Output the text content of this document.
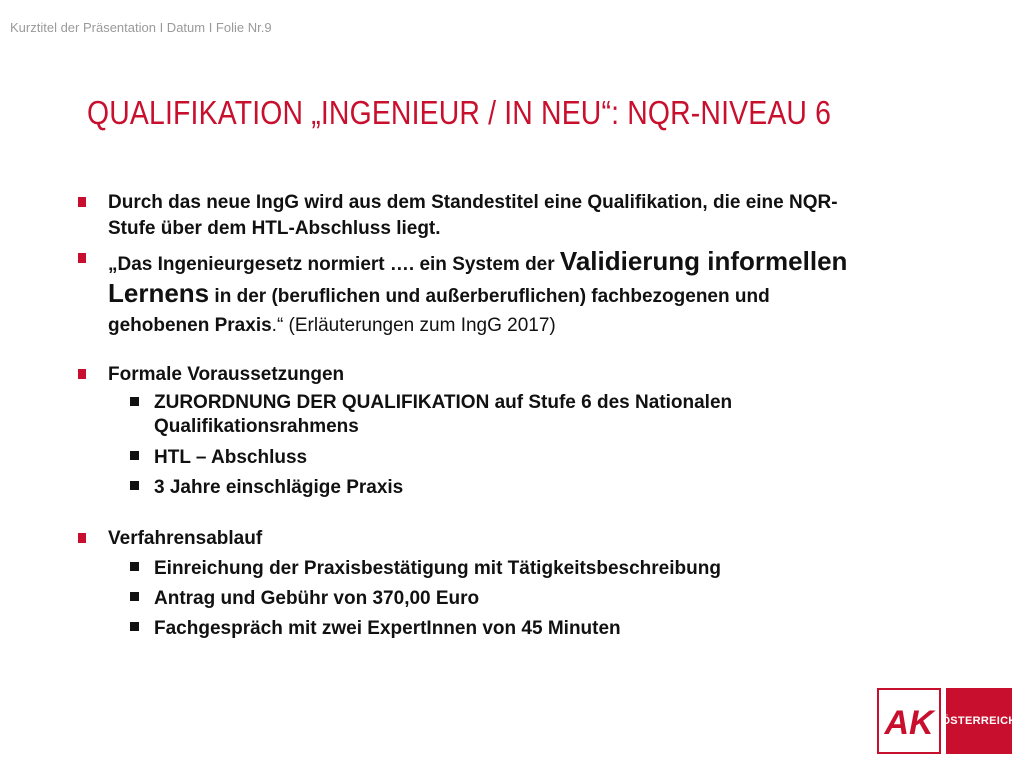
Kurztitel der Präsentation I Datum I Folie Nr.9
QUALIFIKATION „INGENIEUR / IN NEU“: NQR-NIVEAU 6
Durch das neue IngG wird aus dem Standestitel eine Qualifikation, die eine NQR-
Stufe über dem HTL-Abschluss liegt.
„Das Ingenieurgesetz normiert …. ein System der Validierung informellen
Lernens in der (beruflichen und außerberuflichen) fachbezogenen und
gehobenen Praxis.“ (Erläuterungen zum IngG 2017)
Formale Voraussetzungen
ZURORDNUNG DER QUALIFIKATION auf Stufe 6 des Nationalen
Qualifikationsrahmens
HTL – Abschluss
3 Jahre einschlägige Praxis
Verfahrensablauf
Einreichung der Praxisbestätigung mit Tätigkeitsbeschreibung
Antrag und Gebühr von 370,00 Euro
Fachgespräch mit zwei ExpertInnen von 45 Minuten
AK ÖSTERREICH
